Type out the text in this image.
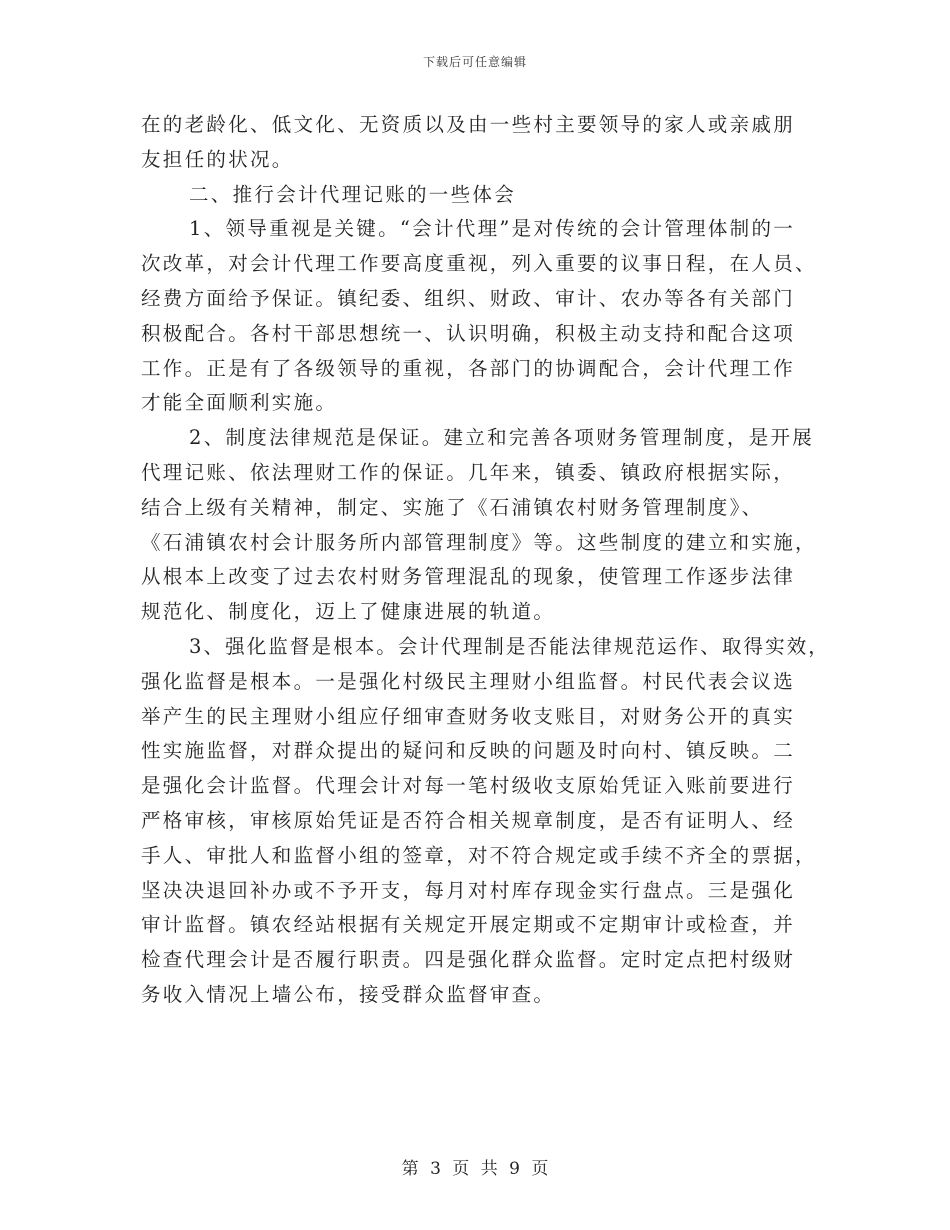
下载后可任意编辑
在的老龄化、低文化、无资质以及由一些村主要领导的家人或亲戚朋
友担任的状况。
二、推行会计代理记账的一些体会
1、领导重视是关键。“会计代理”是对传统的会计管理体制的一
次改革，对会计代理工作要高度重视，列入重要的议事日程，在人员、
经费方面给予保证。镇纪委、组织、财政、审计、农办等各有关部门
积极配合。各村干部思想统一、认识明确，积极主动支持和配合这项
工作。正是有了各级领导的重视，各部门的协调配合，会计代理工作
才能全面顺利实施。
2、制度法律规范是保证。建立和完善各项财务管理制度，是开展
代理记账、依法理财工作的保证。几年来，镇委、镇政府根据实际，
结合上级有关精神，制定、实施了《石浦镇农村财务管理制度》、
《石浦镇农村会计服务所内部管理制度》等。这些制度的建立和实施，
从根本上改变了过去农村财务管理混乱的现象，使管理工作逐步法律
规范化、制度化，迈上了健康进展的轨道。
3、强化监督是根本。会计代理制是否能法律规范运作、取得实效，
强化监督是根本。一是强化村级民主理财小组监督。村民代表会议选
举产生的民主理财小组应仔细审查财务收支账目，对财务公开的真实
性实施监督，对群众提出的疑问和反映的问题及时向村、镇反映。二
是强化会计监督。代理会计对每一笔村级收支原始凭证入账前要进行
严格审核，审核原始凭证是否符合相关规章制度，是否有证明人、经
手人、审批人和监督小组的签章，对不符合规定或手续不齐全的票据，
坚决决退回补办或不予开支，每月对村库存现金实行盘点。三是强化
审计监督。镇农经站根据有关规定开展定期或不定期审计或检查，并
检查代理会计是否履行职责。四是强化群众监督。定时定点把村级财
务收入情况上墙公布，接受群众监督审查。
第 3 页 共 9 页
